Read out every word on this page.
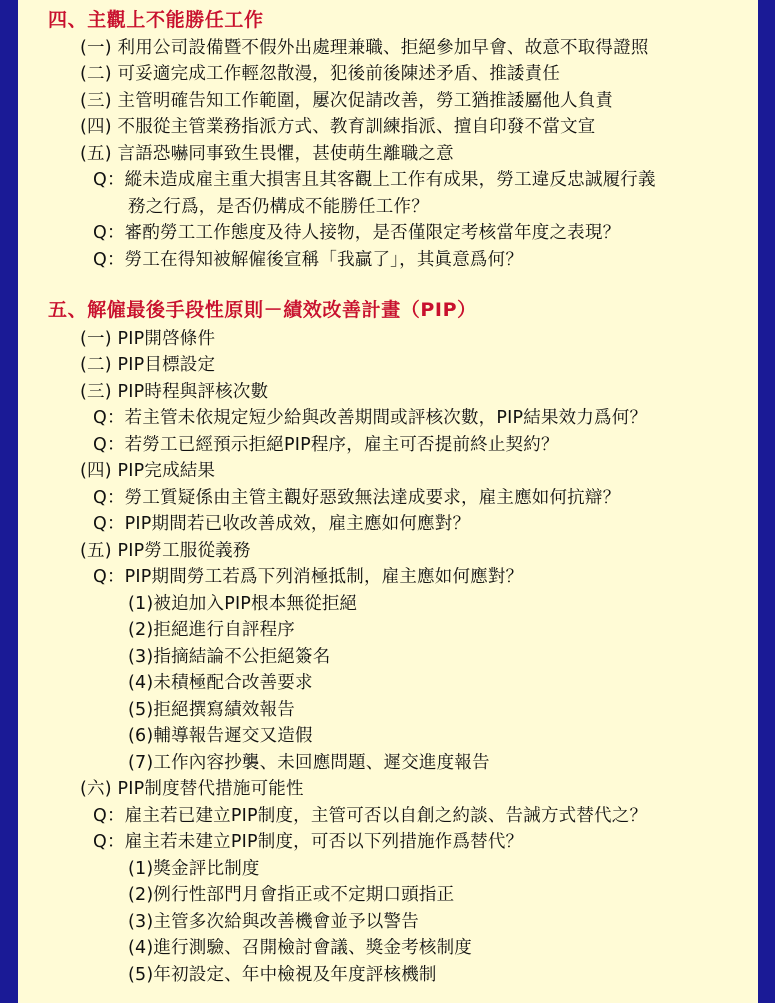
四、主觀上不能勝任工作
(一) 利用公司設備暨不假外出處理兼職、拒絕參加早會、故意不取得證照
(二) 可妥適完成工作輕忽散漫，犯後前後陳述矛盾、推諉責任
(三) 主管明確告知工作範圍，屢次促請改善，勞工猶推諉屬他人負責
(四) 不服從主管業務指派方式、教育訓練指派、擅自印發不當文宣
(五) 言語恐嚇同事致生畏懼，甚使萌生離職之意
Q：縱未造成雇主重大損害且其客觀上工作有成果，勞工違反忠誠履行義
務之行爲，是否仍構成不能勝任工作？
Q：審酌勞工工作態度及待人接物，是否僅限定考核當年度之表現？
Q：勞工在得知被解僱後宣稱「我贏了」，其眞意爲何？
五、解僱最後手段性原則－績效改善計畫（PIP）
(一) PIP開啓條件
(二) PIP目標設定
(三) PIP時程與評核次數
Q：若主管未依規定短少給與改善期間或評核次數，PIP結果效力爲何？
Q：若勞工已經預示拒絕PIP程序，雇主可否提前終止契約？
(四) PIP完成結果
Q：勞工質疑係由主管主觀好惡致無法達成要求，雇主應如何抗辯？
Q：PIP期間若已收改善成效，雇主應如何應對？
(五) PIP勞工服從義務
Q：PIP期間勞工若爲下列消極抵制，雇主應如何應對？
(1)被迫加入PIP根本無從拒絕
(2)拒絕進行自評程序
(3)指摘結論不公拒絕簽名
(4)未積極配合改善要求
(5)拒絕撰寫績效報告
(6)輔導報告遲交又造假
(7)工作內容抄襲、未回應問題、遲交進度報告
(六) PIP制度替代措施可能性
Q：雇主若已建立PIP制度，主管可否以自創之約談、告誡方式替代之？
Q：雇主若未建立PIP制度，可否以下列措施作爲替代？
(1)獎金評比制度
(2)例行性部門月會指正或不定期口頭指正
(3)主管多次給與改善機會並予以警告
(4)進行測驗、召開檢討會議、獎金考核制度
(5)年初設定、年中檢視及年度評核機制
